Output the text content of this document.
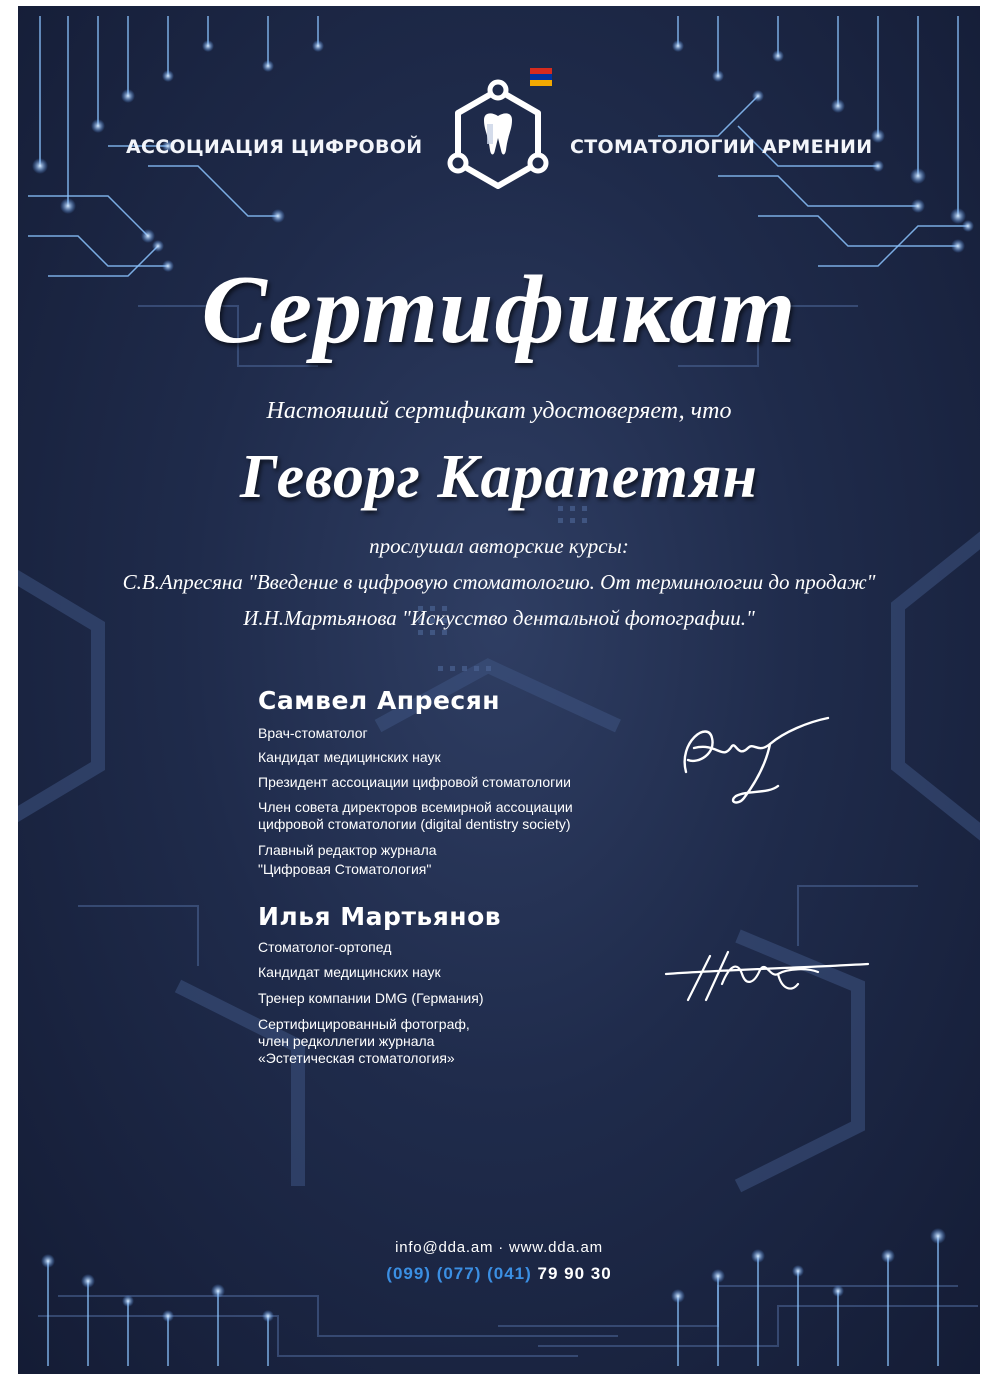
АССОЦИАЦИЯ ЦИФРОВОЙ	СТОМАТОЛОГИИ АРМЕНИИ
Сертификат
Настояший сертификат удостоверяет, что
Геворг Карапетян
прослушал авторские курсы:
С.В.Апресяна "Введение в цифровую стоматологию. От терминологии до продаж"
И.Н.Мартьянова "Искусство дентальной фотографии."
Самвел Апресян
Врач-стоматолог
Кандидат медицинских наук
Президент ассоциации цифровой стоматологии
Член совета директоров всемирной ассоциации
цифровой стоматологии (digital dentistry society)
Главный редактор журнала
"Цифровая Стоматология"
Илья Мартьянов
Стоматолог-ортопед
Кандидат медицинских наук
Тренер компании DMG (Германия)
Сертифицированный фотограф,
член редколлегии журнала
«Эстетическая стоматология»
info@dda.am · www.dda.am
(099) (077) (041) 79 90 30
